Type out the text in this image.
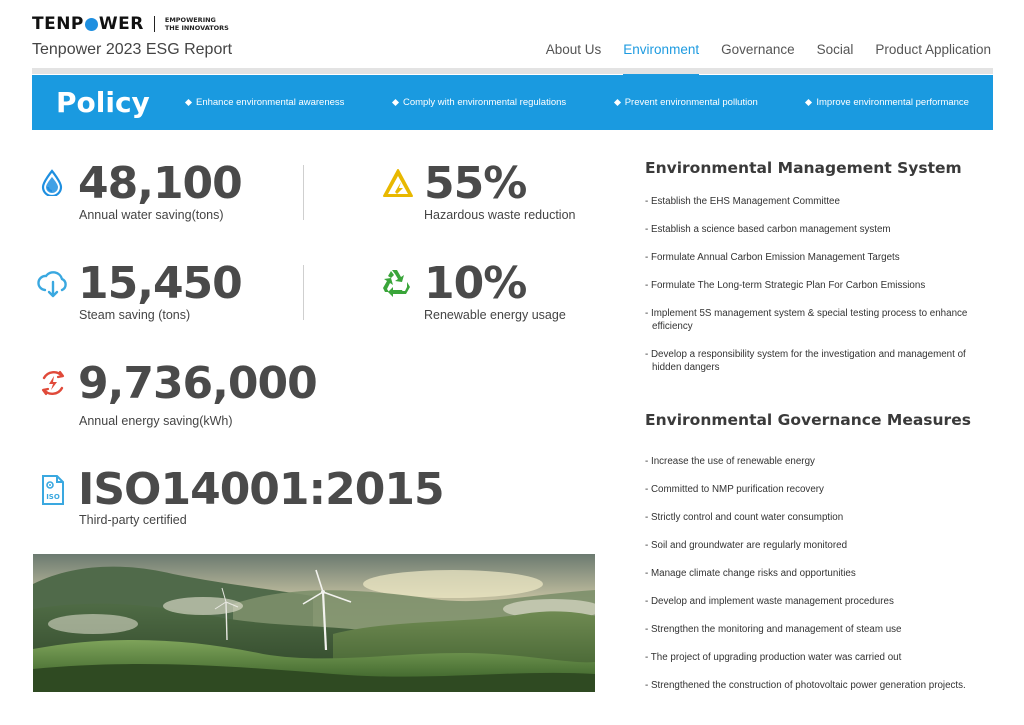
TENP WER	EMPOWERING
THE INNOVATORS
Tenpower 2023 ESG Report	About Us Environment Governance Social Product Application
Policy	Enhance environmental awareness	Comply with environmental regulations	Prevent environmental pollution	Improve environmental performance
48,100
Annual water saving(tons)
55%
Hazardous waste reduction
15,450
Steam saving (tons)
10%
Renewable energy usage
9,736,000
Annual energy saving(kWh)
ISO ISO14001:2015
Third-party certified
Environmental Management System
- Establish the EHS Management Committee
- Establish a science based carbon management system
- Formulate Annual Carbon Emission Management Targets
- Formulate The Long-term Strategic Plan For Carbon Emissions
- Implement 5S management system & special testing process to enhance efficiency
- Develop a responsibility system for the investigation and management of hidden dangers
Environmental Governance Measures
- Increase the use of renewable energy
- Committed to NMP purification recovery
- Strictly control and count water consumption
- Soil and groundwater are regularly monitored
- Manage climate change risks and opportunities
- Develop and implement waste management procedures
- Strengthen the monitoring and management of steam use
- The project of upgrading production water was carried out
- Strengthened the construction of photovoltaic power generation projects.
